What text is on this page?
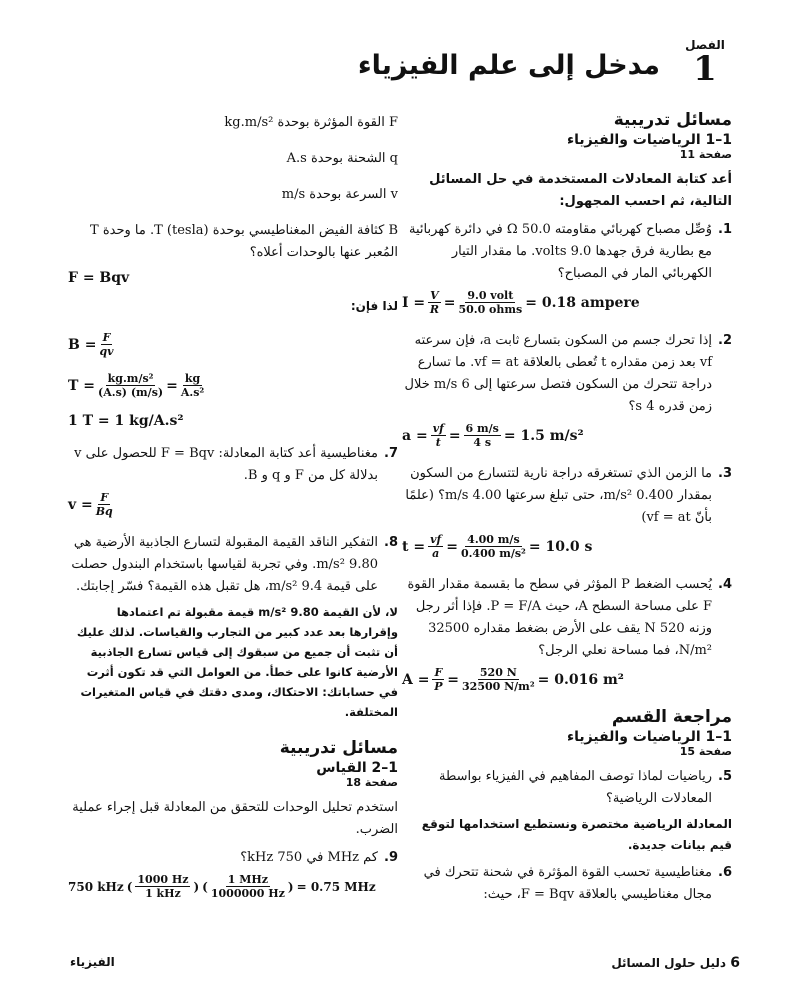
الفصل
1
مدخل إلى علم الفيزياء
مسائل تدريبية
1–1 الرياضيات والفيزياء
صفحة 11
أعد كتابة المعادلات المستخدمة في حل المسائل التالية، ثم احسب المجهول:
1.
وُصِّل مصباح كهربائي مقاومته 50.0 Ω في دائرة كهربائية مع بطارية فرق جهدها 9.0 volts. ما مقدار التيار الكهربائي المار في المصباح؟
$I = \frac{V}{R} = 9.0$ volt
50.0 ohms = 0.18 ampere
2.
إذا تحرك جسم من السكون بتسارع ثابت a، فإن سرعته vf بعد زمن مقداره t تُعطى بالعلاقة vf = at. ما تسارع دراجة تتحرك من السكون فتصل سرعتها إلى 6 m/s خلال زمن قدره 4 s؟
$a = \frac{vf}{t} = \frac{6 m/s}{4 s} = 1.5$ m/s²
3.
ما الزمن الذي تستغرقه دراجة نارية لتتسارع من السكون بمقدار 0.400 m/s²، حتى تبلغ سرعتها 4.00 m/s؟ (علمًا بأنّ vf = at)
$t = \frac{vf}{a} = \frac{4.00 m/s}{\text{0.400 m/s²}} = 10.0$ s
4.
يُحسب الضغط P المؤثر في سطح ما بقسمة مقدار القوة F على مساحة السطح A، حيث P = F/A. فإذا أثر رجل وزنه 520 N يقف على الأرض بضغط مقداره 32500 N/m²، فما مساحة نعلي الرجل؟
$A = \frac{F}{P} = \frac{520 N}{\text{32500 N/m²}} = 0.016$ m²
مراجعة القسم
1–1 الرياضيات والفيزياء
صفحة 15
5.
رياضيات لماذا توصف المفاهيم في الفيزياء بواسطة المعادلات الرياضية؟
المعادلة الرياضية مختصرة ونستطيع استخدامها لتوقع قيم بيانات جديدة.
6.
مغناطيسية تحسب القوة المؤثرة في شحنة تتحرك في مجال مغناطيسي بالعلاقة F = Bqv، حيث:
F القوة المؤثرة بوحدة kg.m/s²
q الشحنة بوحدة A.s
v السرعة بوحدة m/s
B كثافة الفيض المغناطيسي بوحدة T (tesla). ما وحدة T المُعبر عنها بالوحدات أعلاه؟
F = Bqv
لذا فإن:
$B = \frac{F}{qv}$
$T = \frac{\text{kg.m/s²}}{(A.s) (m/s)} = \frac{kg}{\text{A.s²}}$
1 T = 1 kg/A.s²
7.
مغناطيسية أعد كتابة المعادلة: F = Bqv للحصول على v بدلالة كل من F و q و B.
$v = \frac{F}{Bq}$
8.
التفكير الناقد القيمة المقبولة لتسارع الجاذبية الأرضية هي 9.80 m/s². وفي تجربة لقياسها باستخدام البندول حصلت على قيمة 9.4 m/s²، هل تقبل هذه القيمة؟ فسّر إجابتك.
لا، لأن القيمة 9.80 m/s² قيمة مقبولة تم اعتمادها وإقرارها بعد عدد كبير من التجارب والقياسات. لذلك عليك أن تثبت أن جميع من سبقوك إلى قياس تسارع الجاذبية الأرضية كانوا على خطأ. من العوامل التي قد تكون أثرت في حساباتك: الاحتكاك، ومدى دقتك في قياس المتغيرات المختلفة.
مسائل تدريبية
1–2 القياس
صفحة 18
استخدم تحليل الوحدات للتحقق من المعادلة قبل إجراء عملية الضرب.
9.
كم MHz في 750 kHz؟
750 kHz ( 1000 Hz
1 kHz ) ( 1 MHz
1000000 Hz ) = 0.75 MHz
6 دليل حلول المسائل
الفيزياء
